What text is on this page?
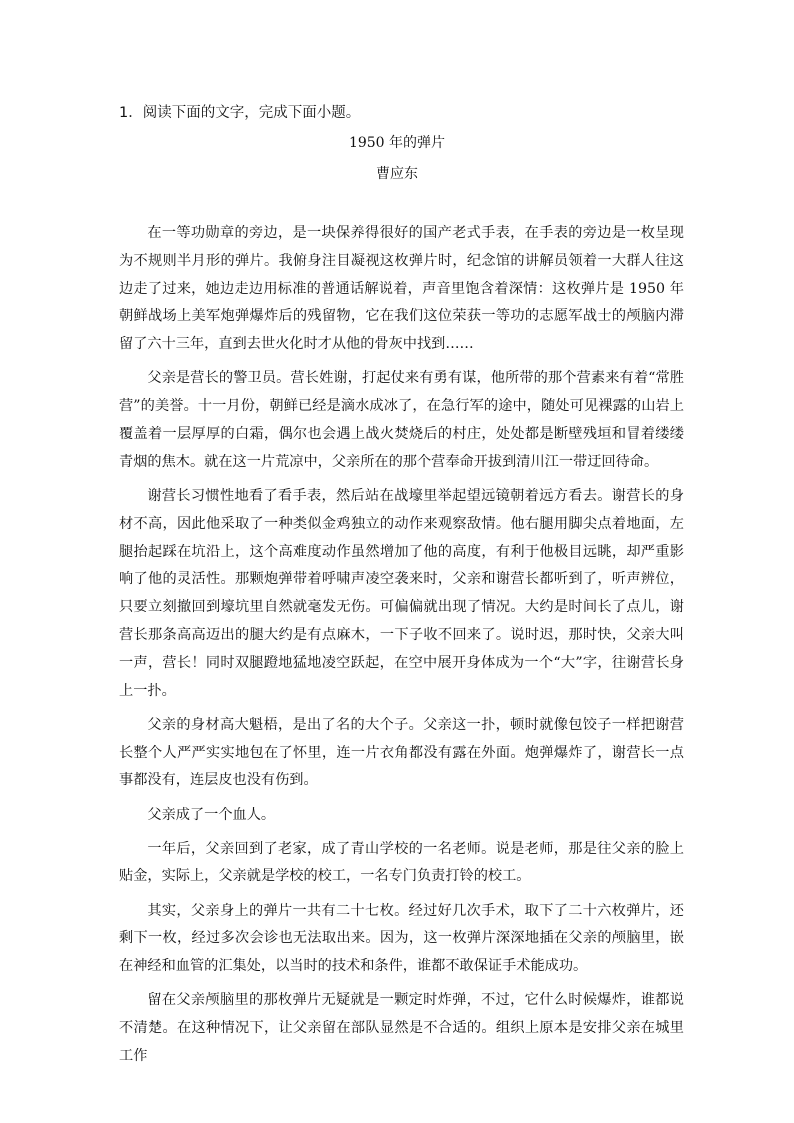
1．阅读下面的文字，完成下面小题。
1950 年的弹片
曹应东

在一等功勋章的旁边，是一块保养得很好的国产老式手表，在手表的旁边是一枚呈现为不规则半月形的弹片。我俯身注目凝视这枚弹片时，纪念馆的讲解员领着一大群人往这边走了过来，她边走边用标准的普通话解说着，声音里饱含着深情：这枚弹片是 1950 年朝鲜战场上美军炮弹爆炸后的残留物，它在我们这位荣获一等功的志愿军战士的颅脑内滞留了六十三年，直到去世火化时才从他的骨灰中找到……

父亲是营长的警卫员。营长姓谢，打起仗来有勇有谋，他所带的那个营素来有着“常胜营”的美誉。十一月份，朝鲜已经是滴水成冰了，在急行军的途中，随处可见裸露的山岩上覆盖着一层厚厚的白霜，偶尔也会遇上战火焚烧后的村庄，处处都是断壁残垣和冒着缕缕青烟的焦木。就在这一片荒凉中，父亲所在的那个营奉命开拔到清川江一带迂回待命。

谢营长习惯性地看了看手表，然后站在战壕里举起望远镜朝着远方看去。谢营长的身材不高，因此他采取了一种类似金鸡独立的动作来观察敌情。他右腿用脚尖点着地面，左腿抬起踩在坑沿上，这个高难度动作虽然增加了他的高度，有利于他极目远眺，却严重影响了他的灵活性。那颗炮弹带着呼啸声凌空袭来时，父亲和谢营长都听到了，听声辨位，只要立刻撤回到壕坑里自然就毫发无伤。可偏偏就出现了情况。大约是时间长了点儿，谢营长那条高高迈出的腿大约是有点麻木，一下子收不回来了。说时迟，那时快，父亲大叫一声，营长！同时双腿蹬地猛地凌空跃起，在空中展开身体成为一个“大”字，往谢营长身上一扑。

父亲的身材高大魁梧，是出了名的大个子。父亲这一扑，顿时就像包饺子一样把谢营长整个人严严实实地包在了怀里，连一片衣角都没有露在外面。炮弹爆炸了，谢营长一点事都没有，连层皮也没有伤到。

父亲成了一个血人。

一年后，父亲回到了老家，成了青山学校的一名老师。说是老师，那是往父亲的脸上贴金，实际上，父亲就是学校的校工，一名专门负责打铃的校工。

其实，父亲身上的弹片一共有二十七枚。经过好几次手术，取下了二十六枚弹片，还剩下一枚，经过多次会诊也无法取出来。因为，这一枚弹片深深地插在父亲的颅脑里，嵌在神经和血管的汇集处，以当时的技术和条件，谁都不敢保证手术能成功。

留在父亲颅脑里的那枚弹片无疑就是一颗定时炸弹，不过，它什么时候爆炸，谁都说不清楚。在这种情况下，让父亲留在部队显然是不合适的。组织上原本是安排父亲在城里工作
